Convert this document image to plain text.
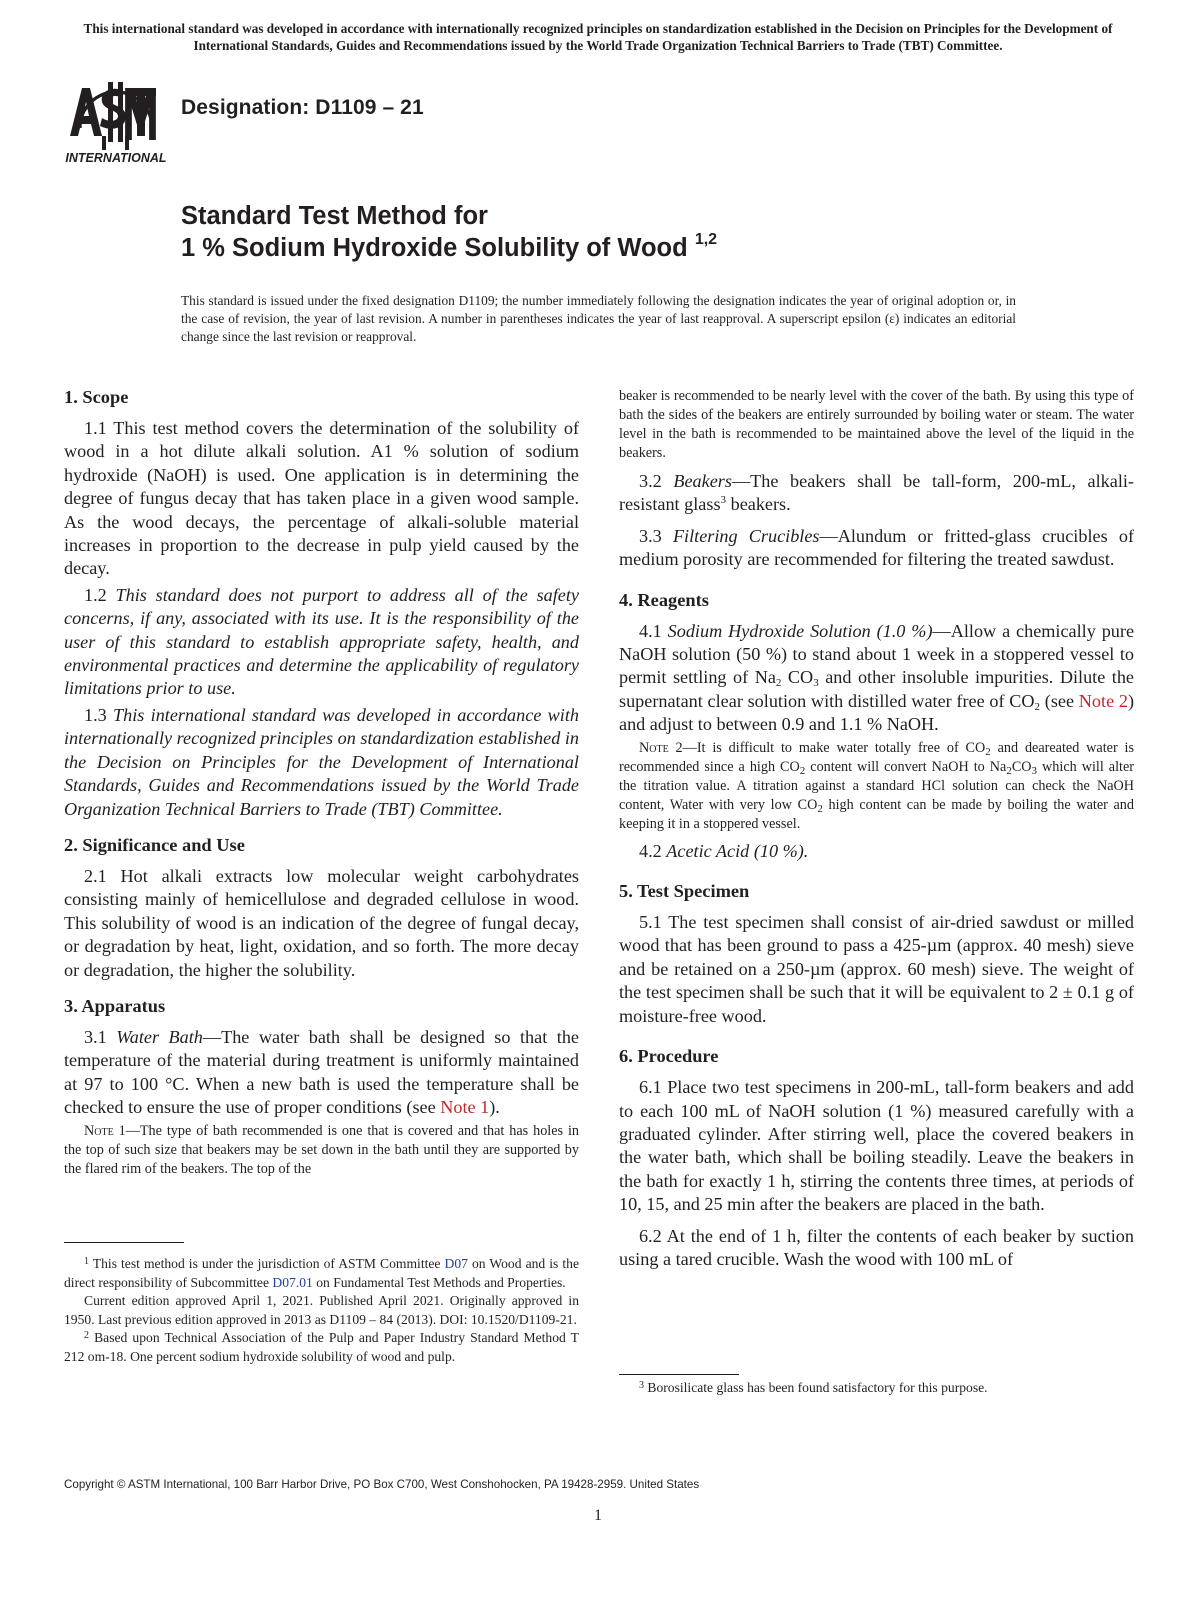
This international standard was developed in accordance with internationally recognized principles on standardization established in the Decision on Principles for the Development of International Standards, Guides and Recommendations issued by the World Trade Organization Technical Barriers to Trade (TBT) Committee.
INTERNATIONAL
Designation: D1109 – 21
Standard Test Method for
1 % Sodium Hydroxide Solubility of Wood $^{1,2}$
This standard is issued under the fixed designation D1109; the number immediately following the designation indicates the year of original adoption or, in the case of revision, the year of last revision. A number in parentheses indicates the year of last reapproval. A superscript epsilon (ε) indicates an editorial change since the last revision or reapproval.
1. Scope

1.1 This test method covers the determination of the solubility of wood in a hot dilute alkali solution. A1 % solution of sodium hydroxide (NaOH) is used. One application is in determining the degree of fungus decay that has taken place in a given wood sample. As the wood decays, the percentage of alkali-soluble material increases in proportion to the decrease in pulp yield caused by the decay.

1.2 This standard does not purport to address all of the safety concerns, if any, associated with its use. It is the responsibility of the user of this standard to establish appropriate safety, health, and environmental practices and determine the applicability of regulatory limitations prior to use.

1.3 This international standard was developed in accordance with internationally recognized principles on standardization established in the Decision on Principles for the Development of International Standards, Guides and Recommendations issued by the World Trade Organization Technical Barriers to Trade (TBT) Committee.

2. Significance and Use

2.1 Hot alkali extracts low molecular weight carbohydrates consisting mainly of hemicellulose and degraded cellulose in wood. This solubility of wood is an indication of the degree of fungal decay, or degradation by heat, light, oxidation, and so forth. The more decay or degradation, the higher the solubility.

3. Apparatus

3.1 Water Bath—The water bath shall be designed so that the temperature of the material during treatment is uniformly maintained at 97 to 100 °C. When a new bath is used the temperature shall be checked to ensure the use of proper conditions (see Note 1).

Note 1—The type of bath recommended is one that is covered and that has holes in the top of such size that beakers may be set down in the bath until they are supported by the flared rim of the beakers. The top of the

$^1$ This test method is under the jurisdiction of ASTM Committee D07 on Wood and is the direct responsibility of Subcommittee D07.01 on Fundamental Test Methods and Properties.

Current edition approved April 1, 2021. Published April 2021. Originally approved in 1950. Last previous edition approved in 2013 as D1109 – 84 (2013). DOI: 10.1520/D1109-21.

$^2$ Based upon Technical Association of the Pulp and Paper Industry Standard Method T 212 om-18. One percent sodium hydroxide solubility of wood and pulp.

beaker is recommended to be nearly level with the cover of the bath. By using this type of bath the sides of the beakers are entirely surrounded by boiling water or steam. The water level in the bath is recommended to be maintained above the level of the liquid in the beakers.

3.2 Beakers—The beakers shall be tall-form, 200-mL, alkali-resistant glass$^3$ beakers.

3.3 Filtering Crucibles—Alundum or fritted-glass crucibles of medium porosity are recommended for filtering the treated sawdust.

4. Reagents

4.1 Sodium Hydroxide Solution (1.0 %)—Allow a chemically pure NaOH solution (50 %) to stand about 1 week in a stoppered vessel to permit settling of $Na_2$ $CO_3$ and other insoluble impurities. Dilute the supernatant clear solution with distilled water free of $CO_2$ (see Note 2) and adjust to between 0.9 and 1.1 % NaOH.

Note 2—It is difficult to make water totally free of $CO_2$ and deareated water is recommended since a high $CO_2$ content will convert NaOH to $Na_2CO_3$ which will alter the titration value. A titration against a standard HCl solution can check the NaOH content, Water with very low $CO_2$ high content can be made by boiling the water and keeping it in a stoppered vessel.

4.2 Acetic Acid (10 %).

5. Test Specimen

5.1 The test specimen shall consist of air-dried sawdust or milled wood that has been ground to pass a 425-µm (approx. 40 mesh) sieve and be retained on a 250-µm (approx. 60 mesh) sieve. The weight of the test specimen shall be such that it will be equivalent to 2 ± 0.1 g of moisture-free wood.

6. Procedure

6.1 Place two test specimens in 200-mL, tall-form beakers and add to each 100 mL of NaOH solution (1 %) measured carefully with a graduated cylinder. After stirring well, place the covered beakers in the water bath, which shall be boiling steadily. Leave the beakers in the bath for exactly 1 h, stirring the contents three times, at periods of 10, 15, and 25 min after the beakers are placed in the bath.

6.2 At the end of 1 h, filter the contents of each beaker by suction using a tared crucible. Wash the wood with 100 mL of

$^3$ Borosilicate glass has been found satisfactory for this purpose.

Copyright © ASTM International, 100 Barr Harbor Drive, PO Box C700, West Conshohocken, PA 19428-2959. United States
1
